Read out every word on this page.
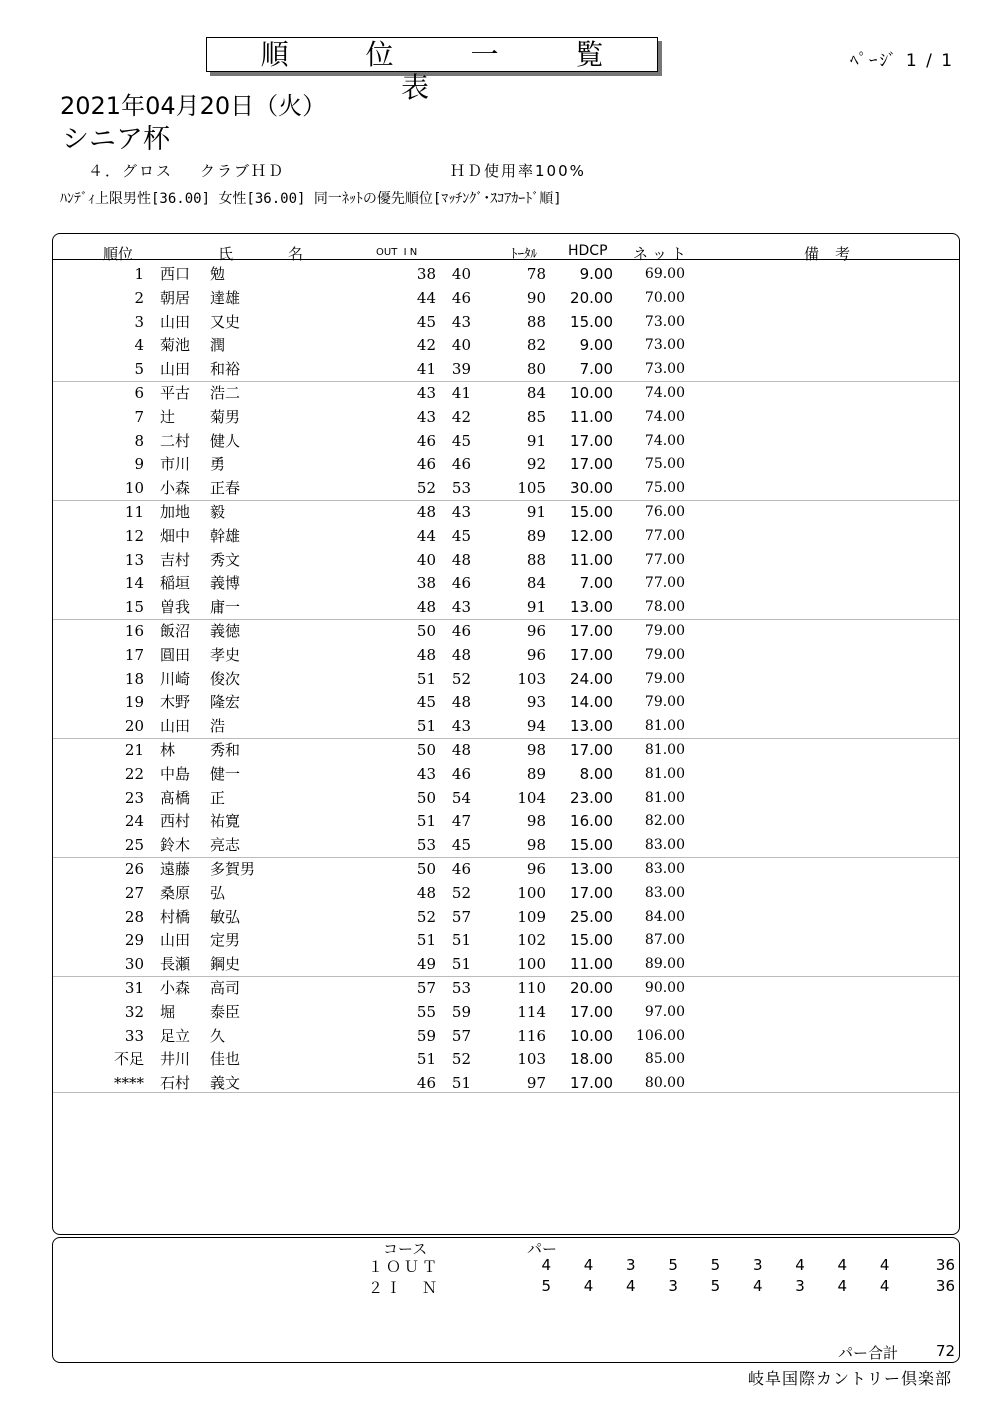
順 位 一 覧 表
ﾍﾟｰｼﾞ 1 / 1
2021年04月20日（火）
シニア杯
４．グロス クラブＨＤ	ＨＤ使用率100%
ﾊﾝﾃﾞｨ上限男性[36.00] 女性[36.00] 同一ﾈｯﾄの優先順位[ﾏｯﾁﾝｸﾞ･ｽｺｱｶｰﾄﾞ順]
順位	氏	名	OUT  I N	ﾄｰﾀﾙ HDCP ネット	備 考
1 西口 勉	38 40	78 9.00 69.00
2 朝居 達雄	44 46	90 20.00 70.00
3 山田 又史	45 43	88 15.00 73.00
4 菊池 潤	42 40	82 9.00 73.00
5 山田 和裕	41 39	80 7.00 73.00
6 平古 浩二	43 41	84 10.00 74.00
7 辻 菊男	43 42	85 11.00 74.00
8 二村 健人	46 45	91 17.00 74.00
9 市川 勇	46 46	92 17.00 75.00
10 小森 正春	52 53	105 30.00 75.00
11 加地 毅	48 43	91 15.00 76.00
12 畑中 幹雄	44 45	89 12.00 77.00
13 吉村 秀文	40 48	88 11.00 77.00
14 稲垣 義博	38 46	84 7.00 77.00
15 曽我 庸一	48 43	91 13.00 78.00
16 飯沼 義徳	50 46	96 17.00 79.00
17 圓田 孝史	48 48	96 17.00 79.00
18 川崎 俊次	51 52	103 24.00 79.00
19 木野 隆宏	45 48	93 14.00 79.00
20 山田 浩	51 43	94 13.00 81.00
21 林 秀和	50 48	98 17.00 81.00
22 中島 健一	43 46	89 8.00 81.00
23 髙橋 正	50 54	104 23.00 81.00
24 西村 祐寛	51 47	98 16.00 82.00
25 鈴木 亮志	53 45	98 15.00 83.00
26 遠藤 多賀男	50 46	96 13.00 83.00
27 桑原 弘	48 52	100 17.00 83.00
28 村橋 敏弘	52 57	109 25.00 84.00
29 山田 定男	51 51	102 15.00 87.00
30 長瀬 鋼史	49 51	100 11.00 89.00
31 小森 高司	57 53	110 20.00 90.00
32 堀 泰臣	55 59	114 17.00 97.00
33 足立 久	59 57	116 10.00 106.00
不足 井川 佳也	51 52	103 18.00 85.00
**** 石村 義文	46 51	97 17.00 80.00
コース	パー
１ＯＵＴ	4	4	3	5	5	3	4	4	4	36
２Ｉ　Ｎ	5	4	4	3	5	4	3	4	4	36
パー合計	72
岐阜国際カントリー倶楽部
